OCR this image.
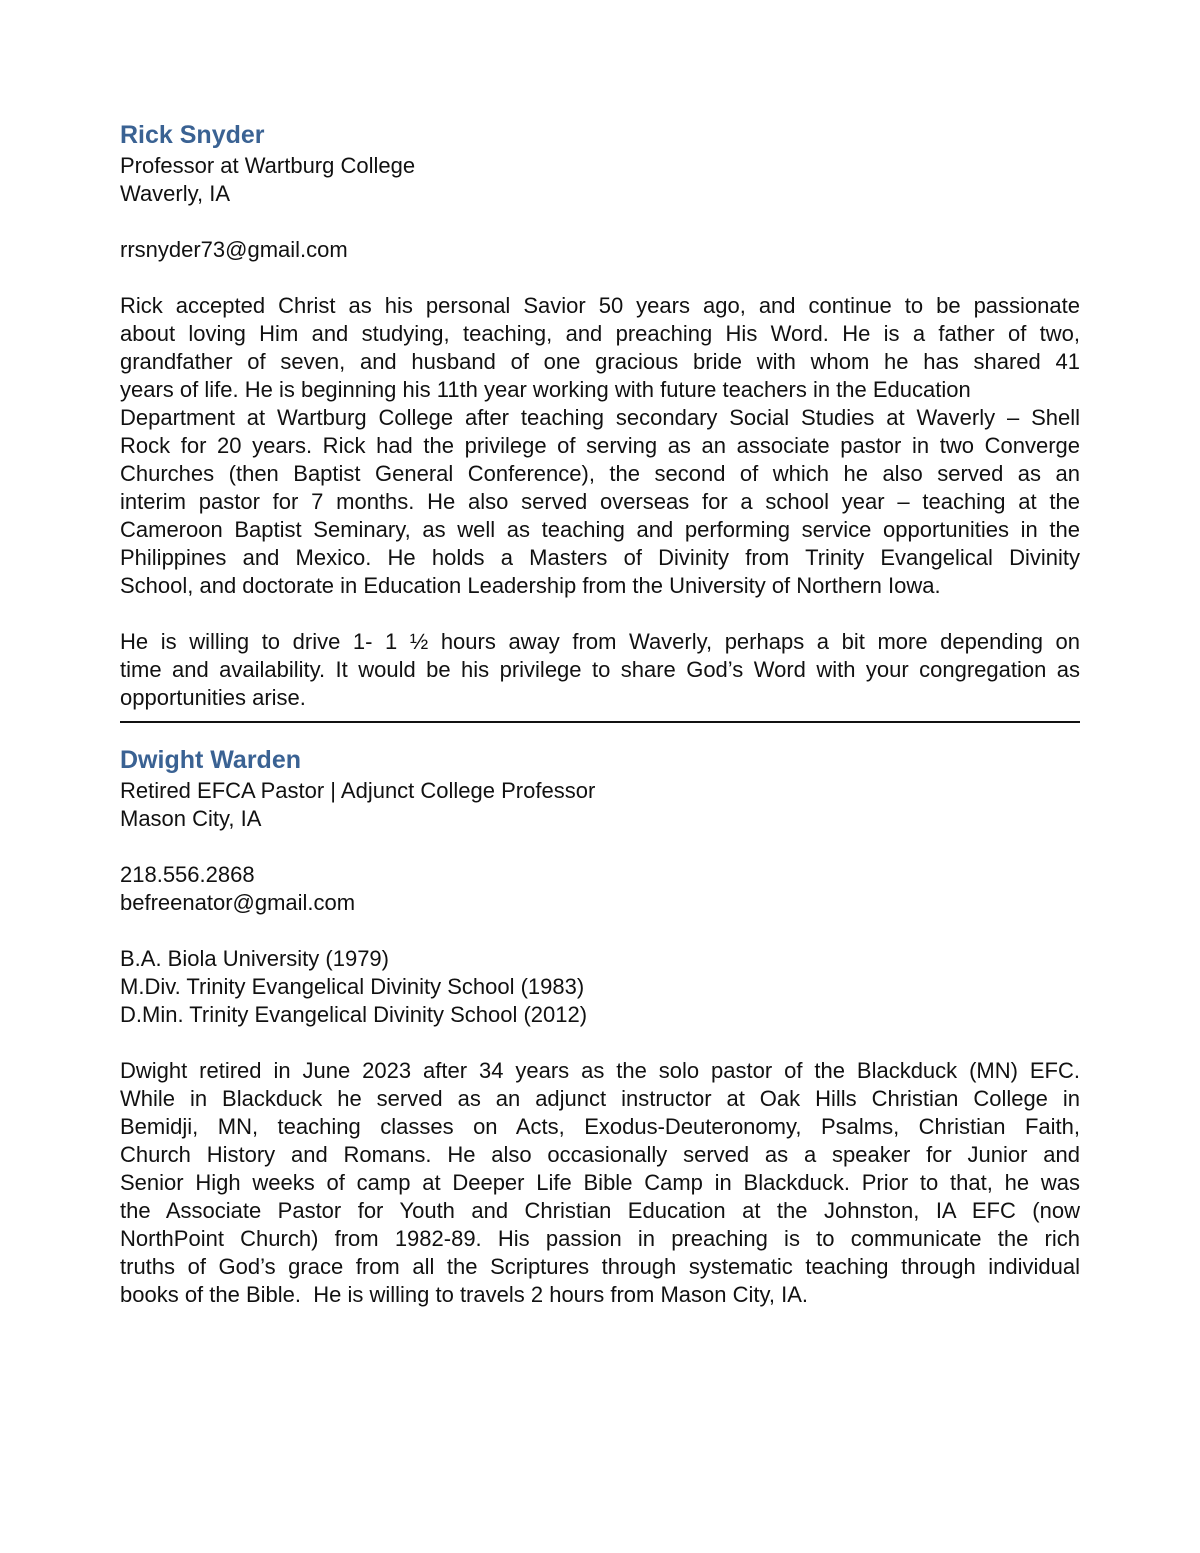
Rick Snyder

Professor at Wartburg College

Waverly, IA

rrsnyder73@gmail.com

Rick accepted Christ as his personal Savior 50 years ago, and continue to be passionate
about loving Him and studying, teaching, and preaching His Word. He is a father of two,
grandfather of seven, and husband of one gracious bride with whom he has shared 41
years of life. He is beginning his 11th year working with future teachers in the Education
Department at Wartburg College after teaching secondary Social Studies at Waverly – Shell
Rock for 20 years. Rick had the privilege of serving as an associate pastor in two Converge
Churches (then Baptist General Conference), the second of which he also served as an
interim pastor for 7 months. He also served overseas for a school year – teaching at the
Cameroon Baptist Seminary, as well as teaching and performing service opportunities in the
Philippines and Mexico. He holds a Masters of Divinity from Trinity Evangelical Divinity
School, and doctorate in Education Leadership from the University of Northern Iowa.
He is willing to drive 1- 1 ½ hours away from Waverly, perhaps a bit more depending on
time and availability. It would be his privilege to share God’s Word with your congregation as
opportunities arise.
Dwight Warden

Retired EFCA Pastor | Adjunct College Professor

Mason City, IA

218.556.2868

befreenator@gmail.com

B.A. Biola University (1979)

M.Div. Trinity Evangelical Divinity School (1983)

D.Min. Trinity Evangelical Divinity School (2012)

Dwight retired in June 2023 after 34 years as the solo pastor of the Blackduck (MN) EFC.
While in Blackduck he served as an adjunct instructor at Oak Hills Christian College in
Bemidji, MN, teaching classes on Acts, Exodus-Deuteronomy, Psalms, Christian Faith,
Church History and Romans. He also occasionally served as a speaker for Junior and
Senior High weeks of camp at Deeper Life Bible Camp in Blackduck. Prior to that, he was
the Associate Pastor for Youth and Christian Education at the Johnston, IA EFC (now
NorthPoint Church) from 1982-89. His passion in preaching is to communicate the rich
truths of God’s grace from all the Scriptures through systematic teaching through individual
books of the Bible.  He is willing to travels 2 hours from Mason City, IA.
